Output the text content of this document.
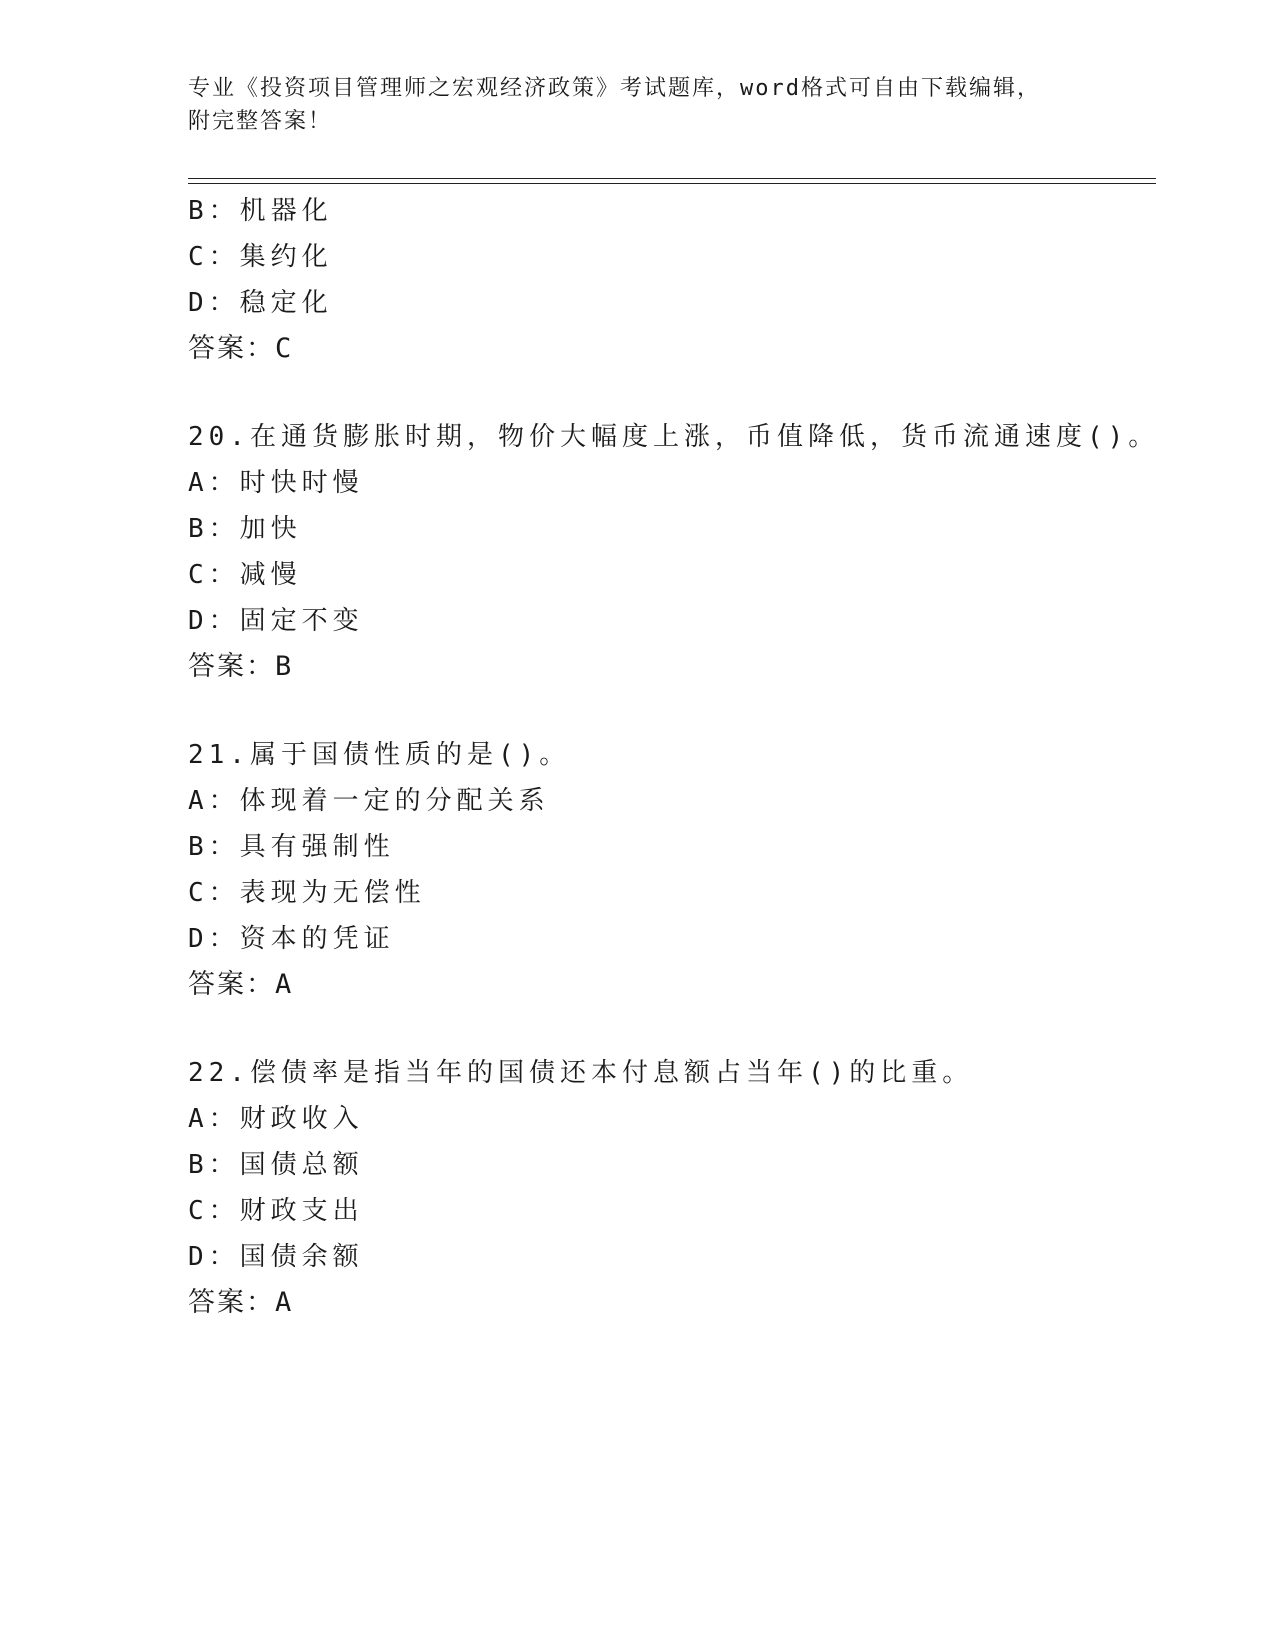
专业《投资项目管理师之宏观经济政策》考试题库，word格式可自由下载编辑，
附完整答案！
B：机器化
C：集约化
D：稳定化
答案：C
20.在通货膨胀时期，物价大幅度上涨，币值降低，货币流通速度()。
A：时快时慢
B：加快
C：减慢
D：固定不变
答案：B
21.属于国债性质的是()。
A：体现着一定的分配关系
B：具有强制性
C：表现为无偿性
D：资本的凭证
答案：A
22.偿债率是指当年的国债还本付息额占当年()的比重。
A：财政收入
B：国债总额
C：财政支出
D：国债余额
答案：A
